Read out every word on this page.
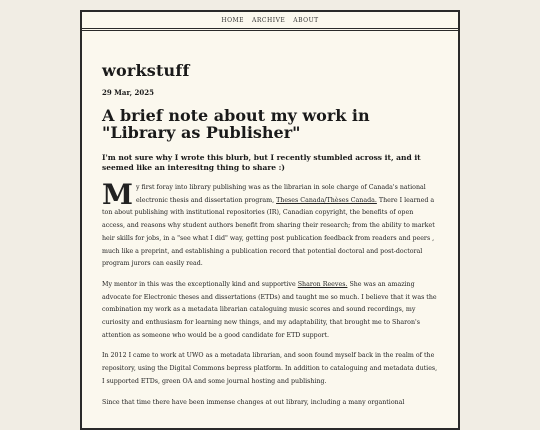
HOME ARCHIVE ABOUT
workstuff
29 Mar, 2025
A brief note about my work in "Library as Publisher"
I'm not sure why I wrote this blurb, but I recently stumbled across it, and it seemed like an interesitng thing to share :)

My first foray into library publishing was as the librarian in sole charge of Canada's national electronic thesis and dissertation program, Theses Canada/Thèses Canada. There I learned a ton about publishing with institutional repositories (IR), Canadian copyright, the benefits of open access, and reasons why student authors benefit from sharing their research; from the ability to market heir skills for jobs, in a "see what I did" way, getting post publication feedback from readers and peers , much like a preprint, and establishing a publication record that potential doctoral and post-doctoral program jurors can easily read.

My mentor in this was the exceptionally kind and supportive Sharon Reeves. She was an amazing advocate for Electronic theses and dissertations (ETDs) and taught me so much. I believe that it was the combination my work as a metadata librarian cataloguing music scores and sound recordings, my curiosity and enthusiasm for learning new things, and my adaptability, that brought me to Sharon's attention as someone who would be a good candidate for ETD support.

In 2012 I came to work at UWO as a metadata librarian, and soon found myself back in the realm of the repository, using the Digital Commons bepress platform. In addition to cataloguing and metadata duties, I supported ETDs, green OA and some journal hosting and publishing.

Since that time there have been immense changes at out library, including a many organtional
